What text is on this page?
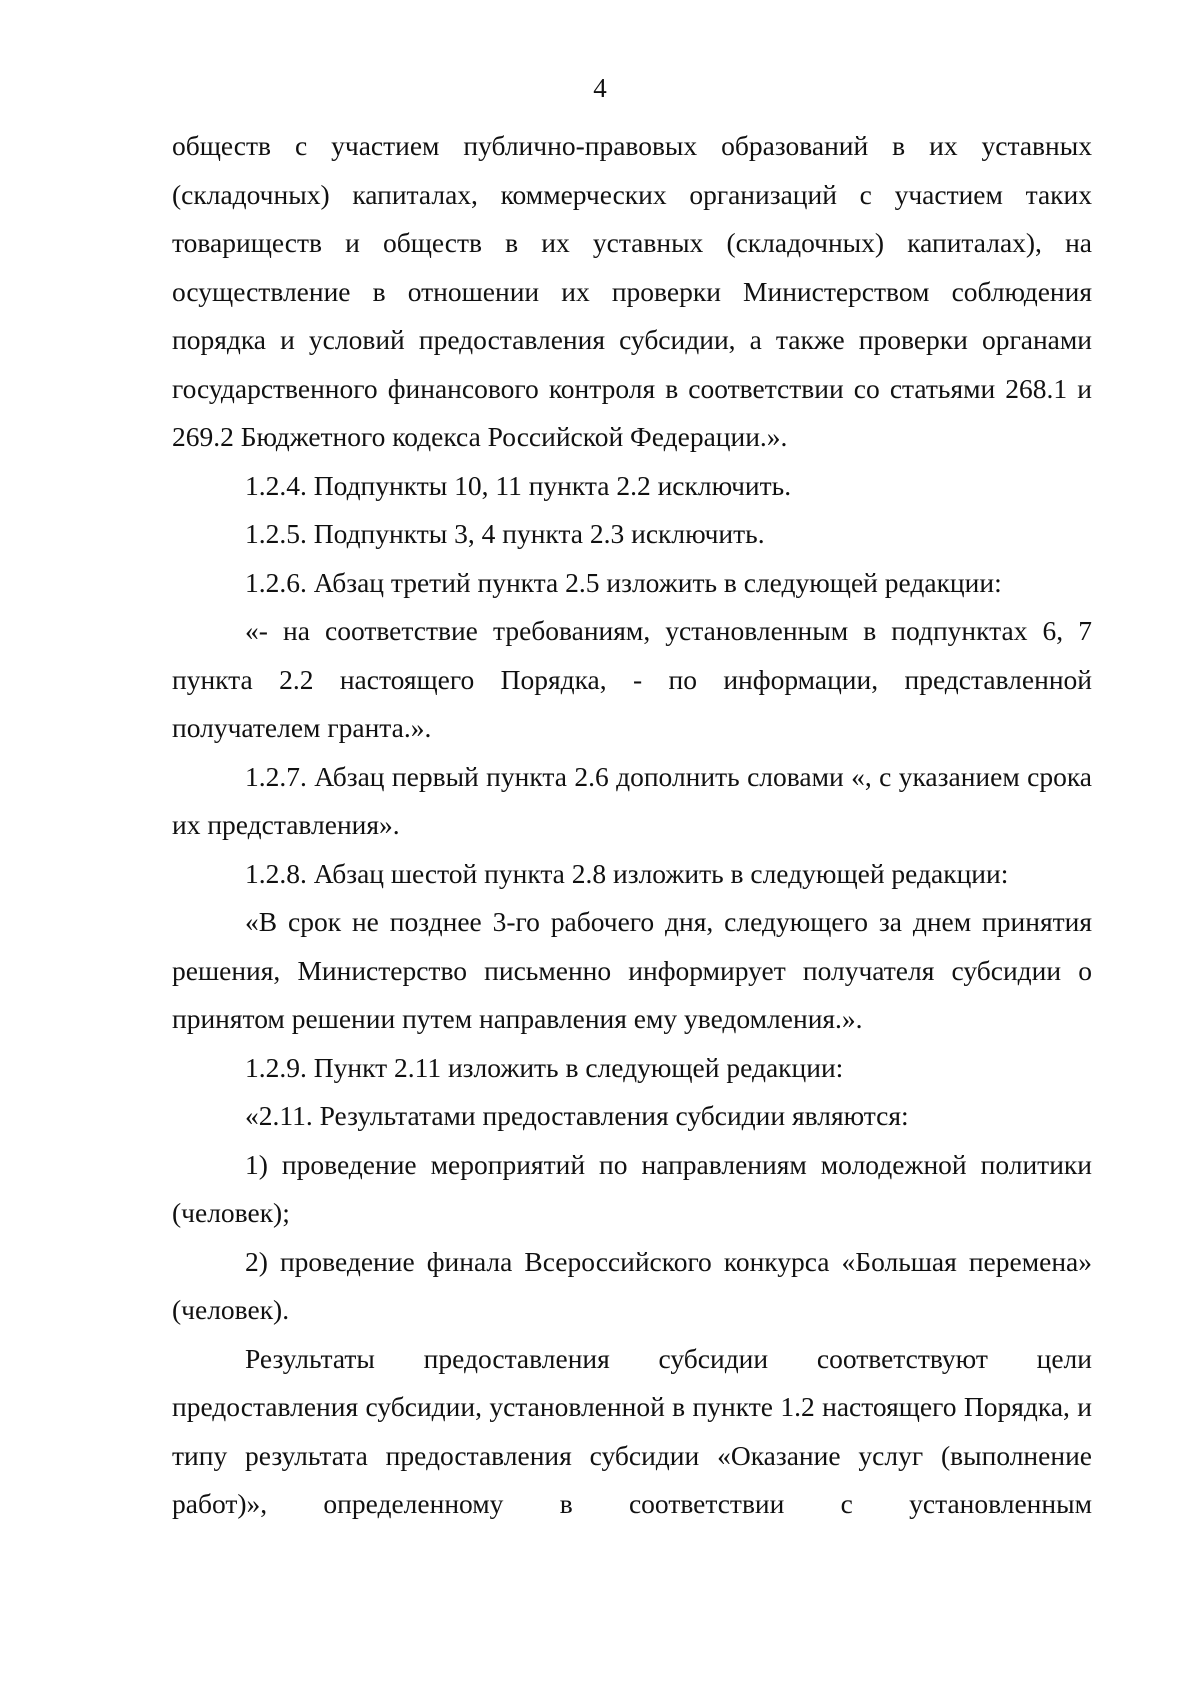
4

обществ с участием публично-правовых образований в их уставных (складочных) капиталах, коммерческих организаций с участием таких товариществ и обществ в их уставных (складочных) капиталах), на осуществление в отношении их проверки Министерством соблюдения порядка и условий предоставления субсидии, а также проверки органами государственного финансового контроля в соответствии со статьями 268.1 и 269.2 Бюджетного кодекса Российской Федерации.».

1.2.4. Подпункты 10, 11 пункта 2.2 исключить.

1.2.5. Подпункты 3, 4 пункта 2.3 исключить.

1.2.6. Абзац третий пункта 2.5 изложить в следующей редакции:

«- на соответствие требованиям, установленным в подпунктах 6, 7 пункта 2.2 настоящего Порядка, - по информации, представленной получателем гранта.».

1.2.7. Абзац первый пункта 2.6 дополнить словами «, с указанием срока их представления».

1.2.8. Абзац шестой пункта 2.8 изложить в следующей редакции:

«В срок не позднее 3-го рабочего дня, следующего за днем принятия решения, Министерство письменно информирует получателя субсидии о принятом решении путем направления ему уведомления.».

1.2.9. Пункт 2.11 изложить в следующей редакции:

«2.11. Результатами предоставления субсидии являются:

1) проведение мероприятий по направлениям молодежной политики (человек);

2) проведение финала Всероссийского конкурса «Большая перемена» (человек).

Результаты предоставления субсидии соответствуют цели предоставления субсидии, установленной в пункте 1.2 настоящего Порядка, и типу результата предоставления субсидии «Оказание услуг (выполнение работ)», определенному в соответствии с установленным
